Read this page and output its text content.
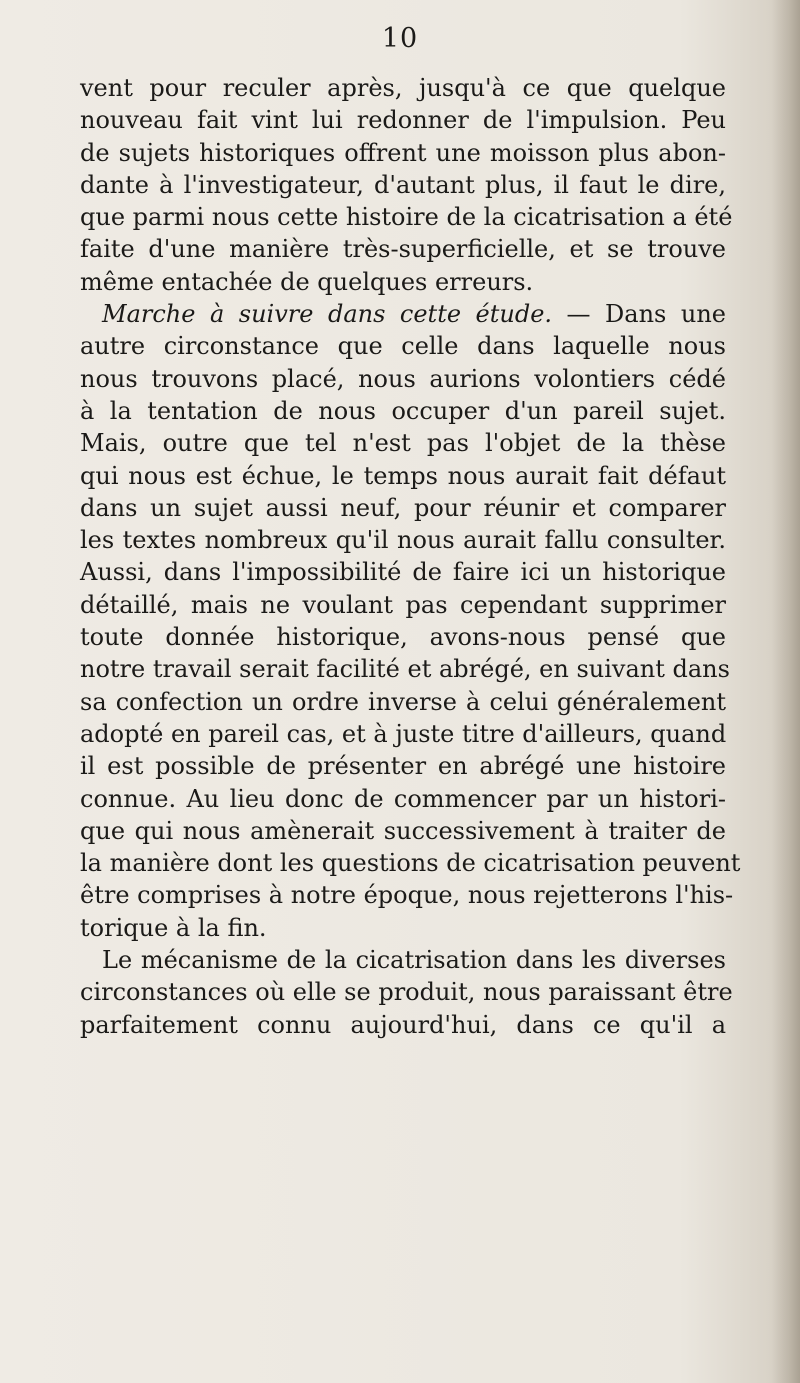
10
vent pour reculer après, jusqu'à ce que quelque
nouveau fait vint lui redonner de l'impulsion. Peu
de sujets historiques offrent une moisson plus abon-
dante à l'investigateur, d'autant plus, il faut le dire,
que parmi nous cette histoire de la cicatrisation a été
faite d'une manière très-superficielle, et se trouve
même entachée de quelques erreurs.
Marche à suivre dans cette étude. — Dans une
autre circonstance que celle dans laquelle nous
nous trouvons placé, nous aurions volontiers cédé
à la tentation de nous occuper d'un pareil sujet.
Mais, outre que tel n'est pas l'objet de la thèse
qui nous est échue, le temps nous aurait fait défaut
dans un sujet aussi neuf, pour réunir et comparer
les textes nombreux qu'il nous aurait fallu consulter.
Aussi, dans l'impossibilité de faire ici un historique
détaillé, mais ne voulant pas cependant supprimer
toute donnée historique, avons-nous pensé que
notre travail serait facilité et abrégé, en suivant dans
sa confection un ordre inverse à celui généralement
adopté en pareil cas, et à juste titre d'ailleurs, quand
il est possible de présenter en abrégé une histoire
connue. Au lieu donc de commencer par un histori-
que qui nous amènerait successivement à traiter de
la manière dont les questions de cicatrisation peuvent
être comprises à notre époque, nous rejetterons l'his-
torique à la fin.
Le mécanisme de la cicatrisation dans les diverses
circonstances où elle se produit, nous paraissant être
parfaitement connu aujourd'hui, dans ce qu'il a
